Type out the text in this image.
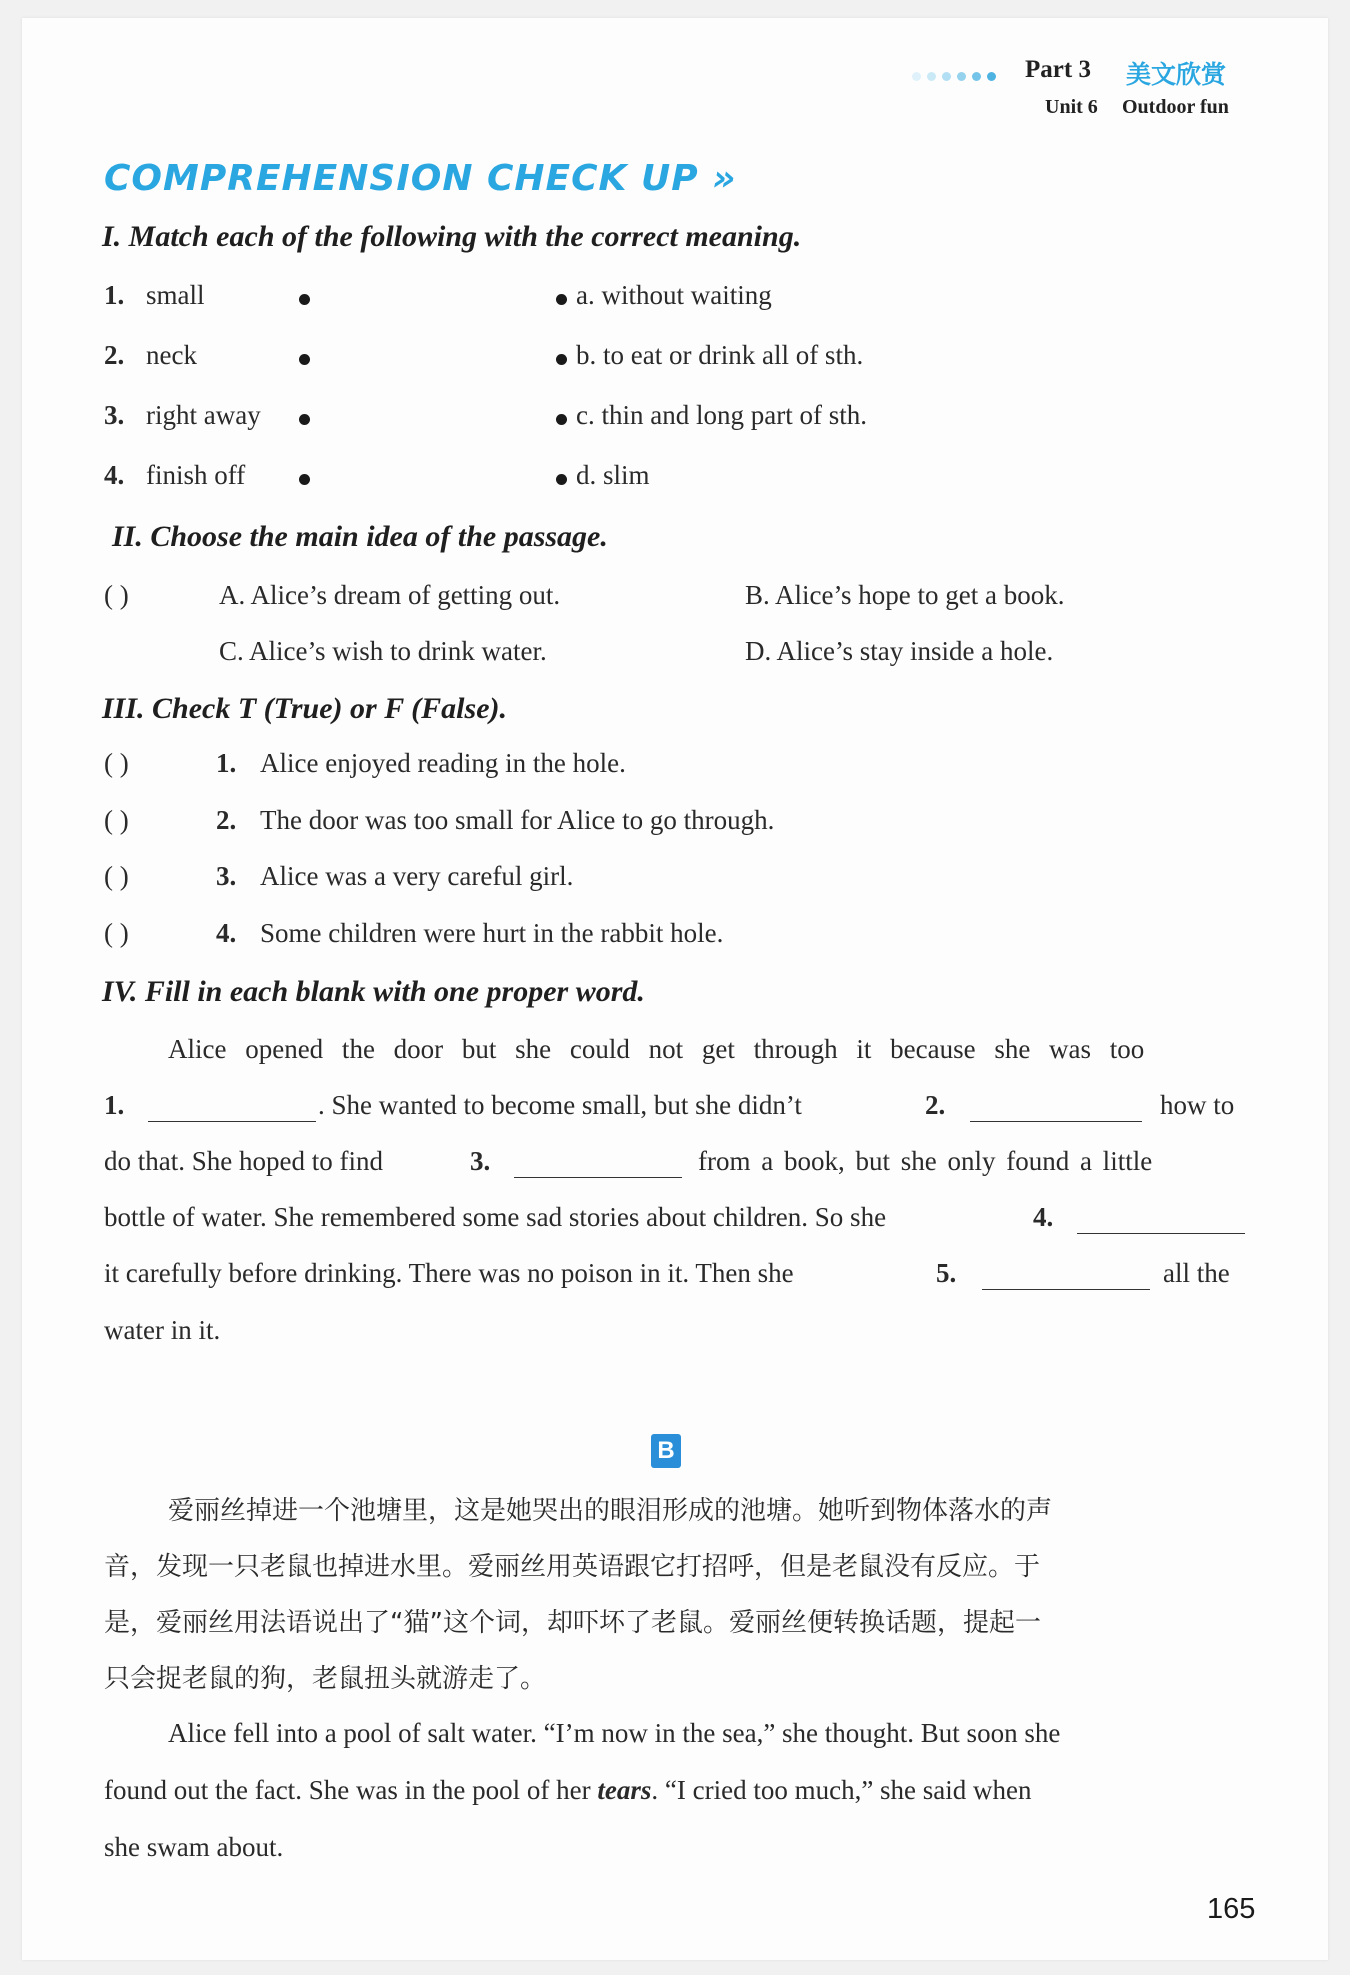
Part 3 美文欣赏
Unit 6 Outdoor fun
COMPREHENSION CHECK UP »
I. Match each of the following with the correct meaning.
1. small	a. without waiting
2. neck	b. to eat or drink all of sth.
3. right away	c. thin and long part of sth.
4. finish off	d. slim
II. Choose the main idea of the passage.
( )	A. Alice’s dream of getting out.	B. Alice’s hope to get a book.
C. Alice’s wish to drink water.	D. Alice’s stay inside a hole.
III. Check T (True) or F (False).
( )	1. Alice enjoyed reading in the hole.
( )	2. The door was too small for Alice to go through.
( )	3. Alice was a very careful girl.
( )	4. Some children were hurt in the rabbit hole.
IV. Fill in each blank with one proper word.
Alice opened the door but she could not get through it because she was too
1.	. She wanted to become small, but she didn’t	2.	how to
do that. She hoped to find	3.	from a book, but she only found a little
bottle of water. She remembered some sad stories about children. So she	4.
it carefully before drinking. There was no poison in it. Then she	5.	all the
water in it.
B
爱丽丝掉进一个池塘里，这是她哭出的眼泪形成的池塘。她听到物体落水的声
音，发现一只老鼠也掉进水里。爱丽丝用英语跟它打招呼，但是老鼠没有反应。于
是，爱丽丝用法语说出了“猫”这个词，却吓坏了老鼠。爱丽丝便转换话题，提起一
只会捉老鼠的狗，老鼠扭头就游走了。
Alice fell into a pool of salt water. “I’m now in the sea,” she thought. But soon she
found out the fact. She was in the pool of her tears. “I cried too much,” she said when
she swam about.
165
